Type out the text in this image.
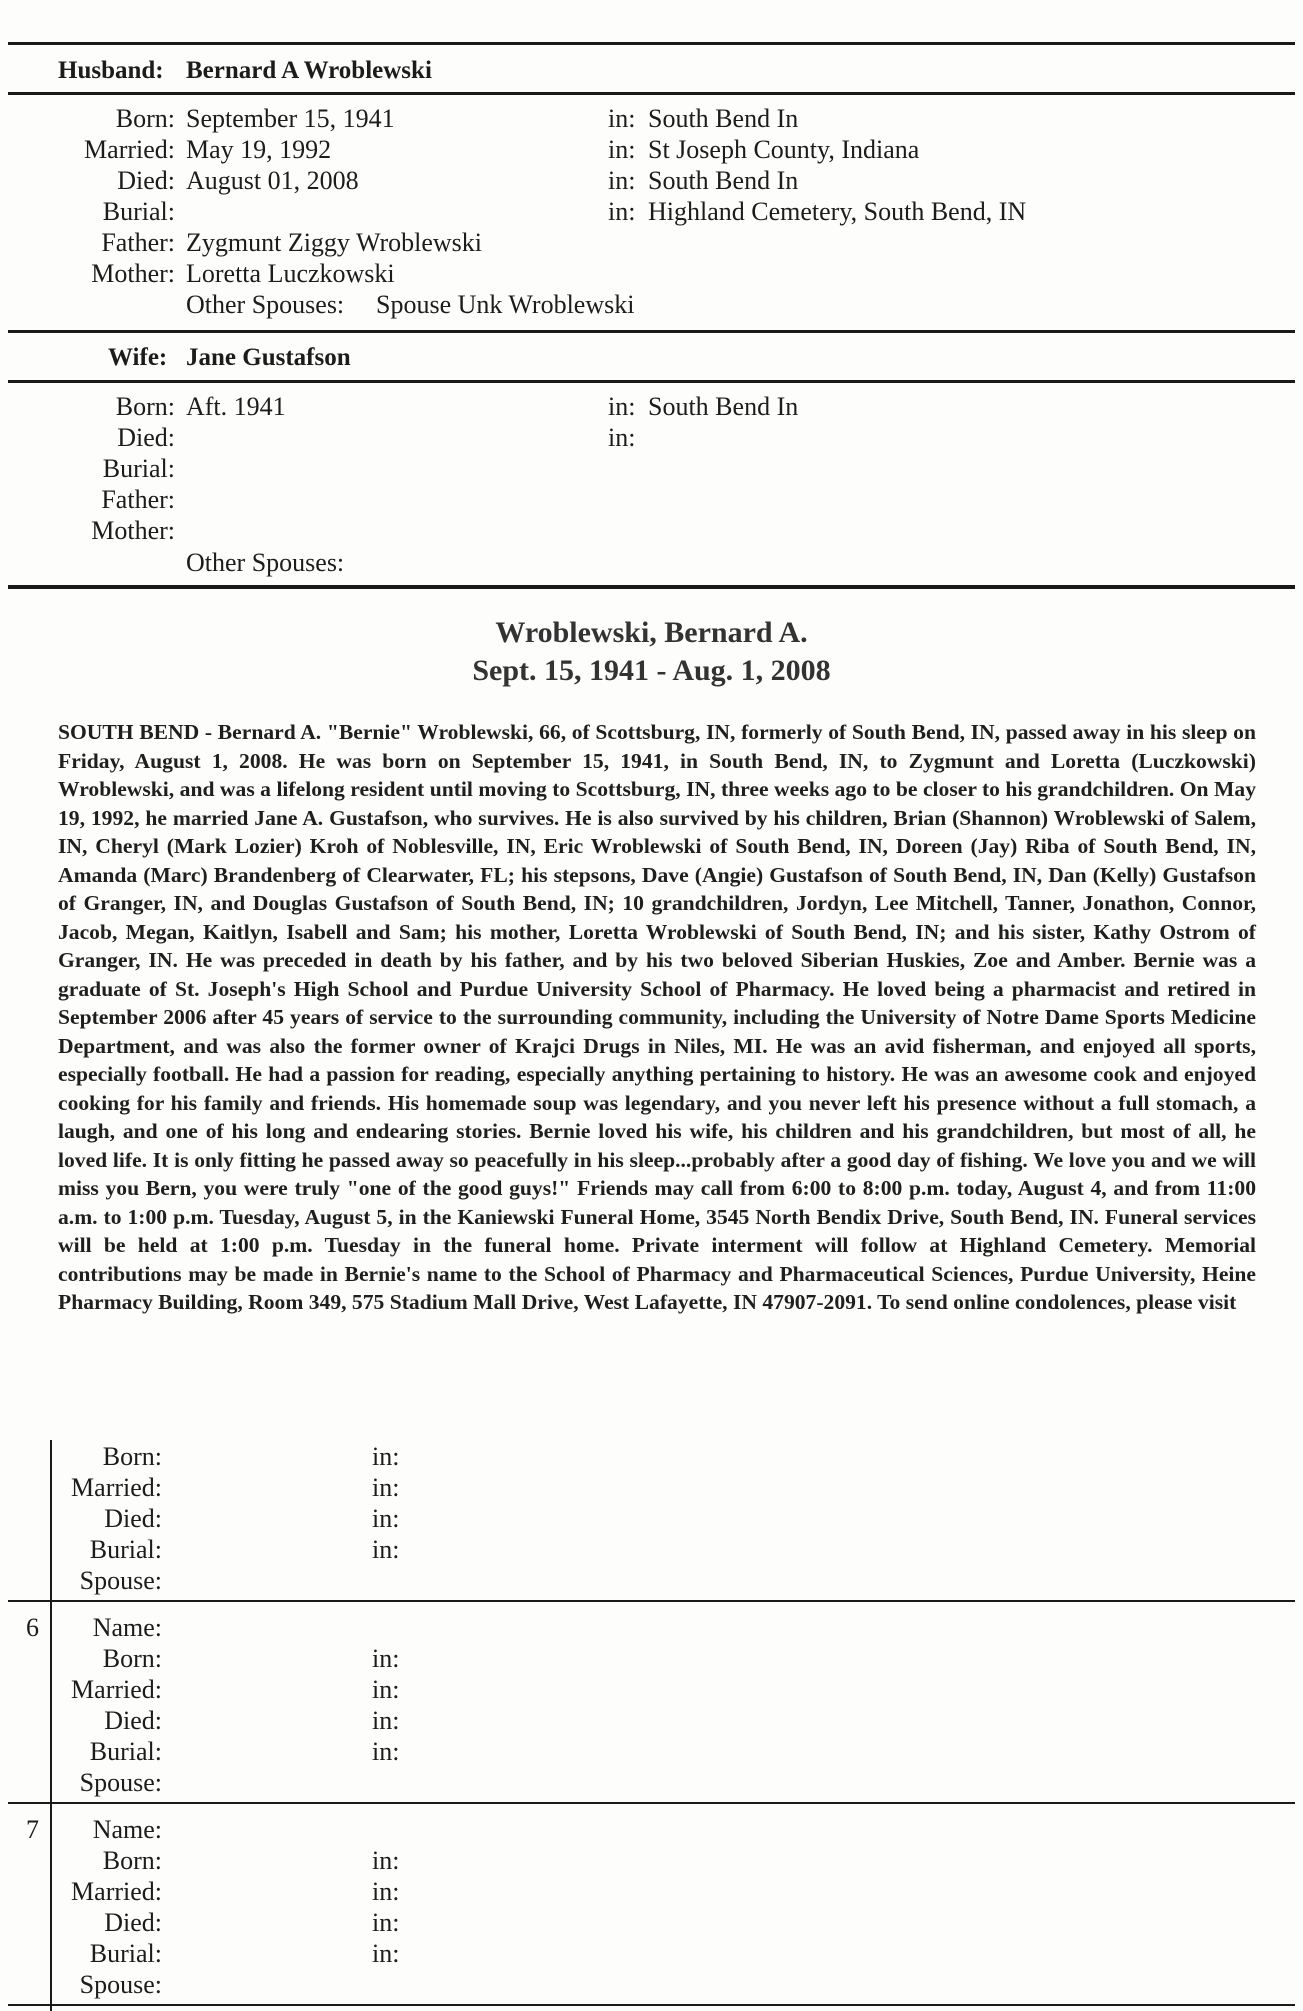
Husband: Bernard A Wroblewski
Born: September 15, 1941	in: South Bend In
Married: May 19, 1992	in: St Joseph County, Indiana
Died: August 01, 2008	in: South Bend In
Burial:	in: Highland Cemetery, South Bend, IN
Father: Zygmunt Ziggy Wroblewski
Mother: Loretta Luczkowski
Other Spouses: Spouse Unk Wroblewski
Wife: Jane Gustafson
Born: Aft. 1941	in: South Bend In
Died:	in:
Burial:
Father:
Mother:
Other Spouses:
Wroblewski, Bernard A.
Sept. 15, 1941 - Aug. 1, 2008
SOUTH BEND - Bernard A. "Bernie" Wroblewski, 66, of Scottsburg, IN, formerly of South Bend, IN, passed away in his sleep on Friday, August 1, 2008. He was born on September 15, 1941, in South Bend, IN, to Zygmunt and Loretta (Luczkowski) Wroblewski, and was a lifelong resident until moving to Scottsburg, IN, three weeks ago to be closer to his grandchildren. On May 19, 1992, he married Jane A. Gustafson, who survives. He is also survived by his children, Brian (Shannon) Wroblewski of Salem, IN, Cheryl (Mark Lozier) Kroh of Noblesville, IN, Eric Wroblewski of South Bend, IN, Doreen (Jay) Riba of South Bend, IN, Amanda (Marc) Brandenberg of Clearwater, FL; his stepsons, Dave (Angie) Gustafson of South Bend, IN, Dan (Kelly) Gustafson of Granger, IN, and Douglas Gustafson of South Bend, IN; 10 grandchildren, Jordyn, Lee Mitchell, Tanner, Jonathon, Connor, Jacob, Megan, Kaitlyn, Isabell and Sam; his mother, Loretta Wroblewski of South Bend, IN; and his sister, Kathy Ostrom of Granger, IN. He was preceded in death by his father, and by his two beloved Siberian Huskies, Zoe and Amber. Bernie was a graduate of St. Joseph's High School and Purdue University School of Pharmacy. He loved being a pharmacist and retired in September 2006 after 45 years of service to the surrounding community, including the University of Notre Dame Sports Medicine Department, and was also the former owner of Krajci Drugs in Niles, MI. He was an avid fisherman, and enjoyed all sports, especially football. He had a passion for reading, especially anything pertaining to history. He was an awesome cook and enjoyed cooking for his family and friends. His homemade soup was legendary, and you never left his presence without a full stomach, a laugh, and one of his long and endearing stories. Bernie loved his wife, his children and his grandchildren, but most of all, he loved life. It is only fitting he passed away so peacefully in his sleep...probably after a good day of fishing. We love you and we will miss you Bern, you were truly "one of the good guys!" Friends may call from 6:00 to 8:00 p.m. today, August 4, and from 11:00 a.m. to 1:00 p.m. Tuesday, August 5, in the Kaniewski Funeral Home, 3545 North Bendix Drive, South Bend, IN. Funeral services will be held at 1:00 p.m. Tuesday in the funeral home. Private interment will follow at Highland Cemetery. Memorial contributions may be made in Bernie's name to the School of Pharmacy and Pharmaceutical Sciences, Purdue University, Heine Pharmacy Building, Room 349, 575 Stadium Mall Drive, West Lafayette, IN 47907-2091. To send online condolences, please visit
Born:	in:
Married:	in:
Died:	in:
Burial:	in:
Spouse:
6	Name:
Born:	in:
Married:	in:
Died:	in:
Burial:	in:
Spouse:
7	Name:
Born:	in:
Married:	in:
Died:	in:
Burial:	in:
Spouse:
